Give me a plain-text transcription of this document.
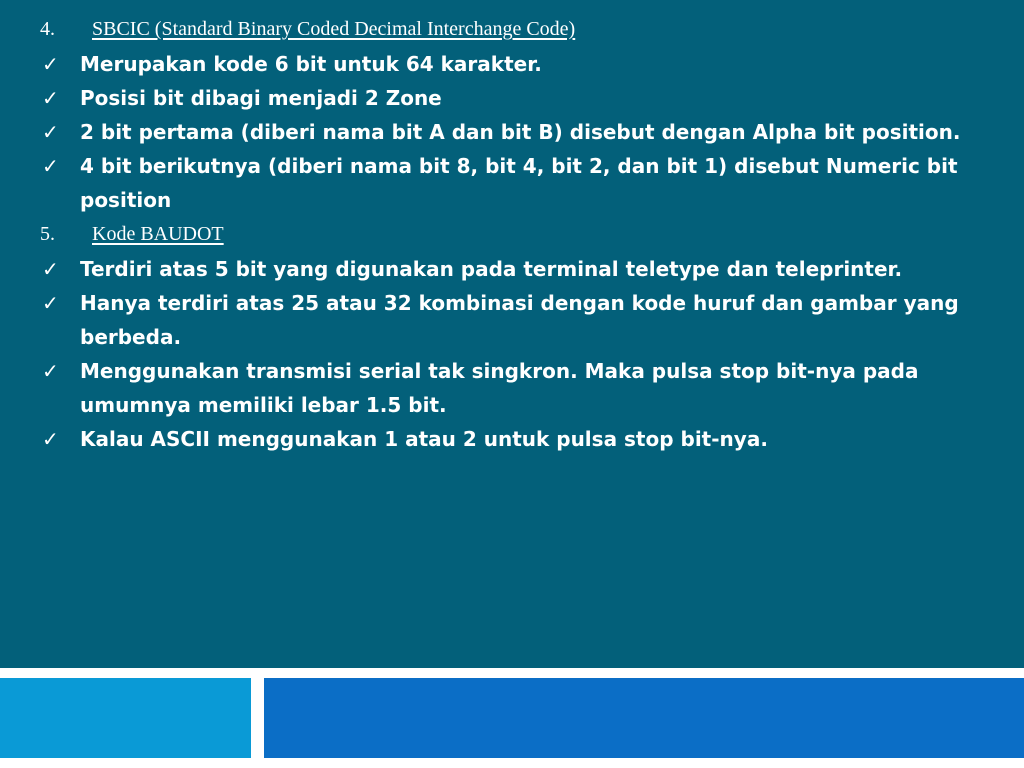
4.	SBCIC (Standard Binary Coded Decimal Interchange Code)
✓	Merupakan kode 6 bit untuk 64 karakter.
✓	Posisi bit dibagi menjadi 2 Zone
✓	2 bit pertama (diberi nama bit A dan bit B) disebut dengan Alpha bit position.
✓	4 bit berikutnya (diberi nama bit 8, bit 4, bit 2, dan bit 1) disebut Numeric bit position
5.	Kode BAUDOT
✓	Terdiri atas 5 bit yang digunakan pada terminal teletype dan teleprinter.
✓	Hanya terdiri atas 25 atau 32 kombinasi dengan kode huruf dan gambar yang berbeda.
✓	Menggunakan transmisi serial tak singkron. Maka pulsa stop bit-nya pada umumnya memiliki lebar 1.5 bit.
✓	Kalau ASCII menggunakan 1 atau 2 untuk pulsa stop bit-nya.
